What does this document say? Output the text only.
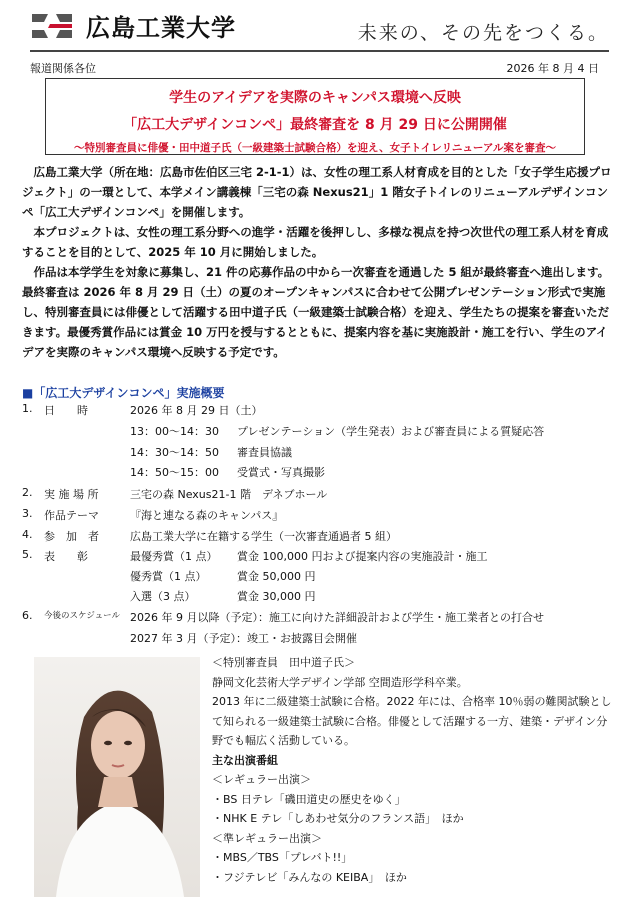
広島工業大学	未来の、その先をつくる。
報道関係各位	2026 年 8 月 4 日
学生のアイデアを実際のキャンパス環境へ反映
「広工大デザインコンペ」最終審査を 8 月 29 日に公開開催
～特別審査員に俳優・田中道子氏（一級建築士試験合格）を迎え、女子トイレリニューアル案を審査～

広島工業大学（所在地：広島市佐伯区三宅 2-1-1）は、女性の理工系人材育成を目的とした「女子学生応援プロジェクト」の一環として、本学メイン講義棟「三宅の森 Nexus21」1 階女子トイレのリニューアルデザインコンペ「広工大デザインコンペ」を開催します。

本プロジェクトは、女性の理工系分野への進学・活躍を後押しし、多様な視点を持つ次世代の理工系人材を育成することを目的として、2025 年 10 月に開始しました。

作品は本学学生を対象に募集し、21 件の応募作品の中から一次審査を通過した 5 組が最終審査へ進出します。最終審査は 2026 年 8 月 29 日（土）の夏のオープンキャンパスに合わせて公開プレゼンテーション形式で実施し、特別審査員には俳優として活躍する田中道子氏（一級建築士試験合格）を迎え、学生たちの提案を審査いただきます。最優秀賞作品には賞金 10 万円を授与するとともに、提案内容を基に実施設計・施工を行い、学生のアイデアを実際のキャンパス環境へ反映する予定です。

■「広工大デザインコンペ」実施概要
1.	日　　時	2026 年 8 月 29 日（土）
13：00～14：30 プレゼンテーション（学生発表）および審査員による質疑応答
14：30～14：50 審査員協議
14：50～15：00 受賞式・写真撮影
2.	実 施 場 所	三宅の森 Nexus21-1 階　デネブホール
3.	作品テーマ	『海と連なる森のキャンパス』
4.	参　加　者	広島工業大学に在籍する学生（一次審査通過者 5 組）
5.	表　　彰	最優秀賞（1 点） 賞金 100,000 円および提案内容の実施設計・施工
優秀賞（1 点）	賞金 50,000 円
入選（3 点）	賞金 30,000 円
6.	今後のスケジュール 2026 年 9 月以降（予定）：施工に向けた詳細設計および学生・施工業者との打合せ
2027 年 3 月（予定）：竣工・お披露目会開催
＜特別審査員　田中道子氏＞
静岡文化芸術大学デザイン学部 空間造形学科卒業。
2013 年に二級建築士試験に合格。2022 年には、合格率 10％弱の難関試験として知られる一級建築士試験に合格。俳優として活躍する一方、建築・デザイン分野でも幅広く活動している。
主な出演番組
＜レギュラー出演＞
・BS 日テレ「磯田道史の歴史をゆく」
・NHK E テレ「しあわせ気分のフランス語」　ほか
＜準レギュラー出演＞
・MBS／TBS「プレバト!!」
・フジテレビ「みんなの KEIBA」　ほか
